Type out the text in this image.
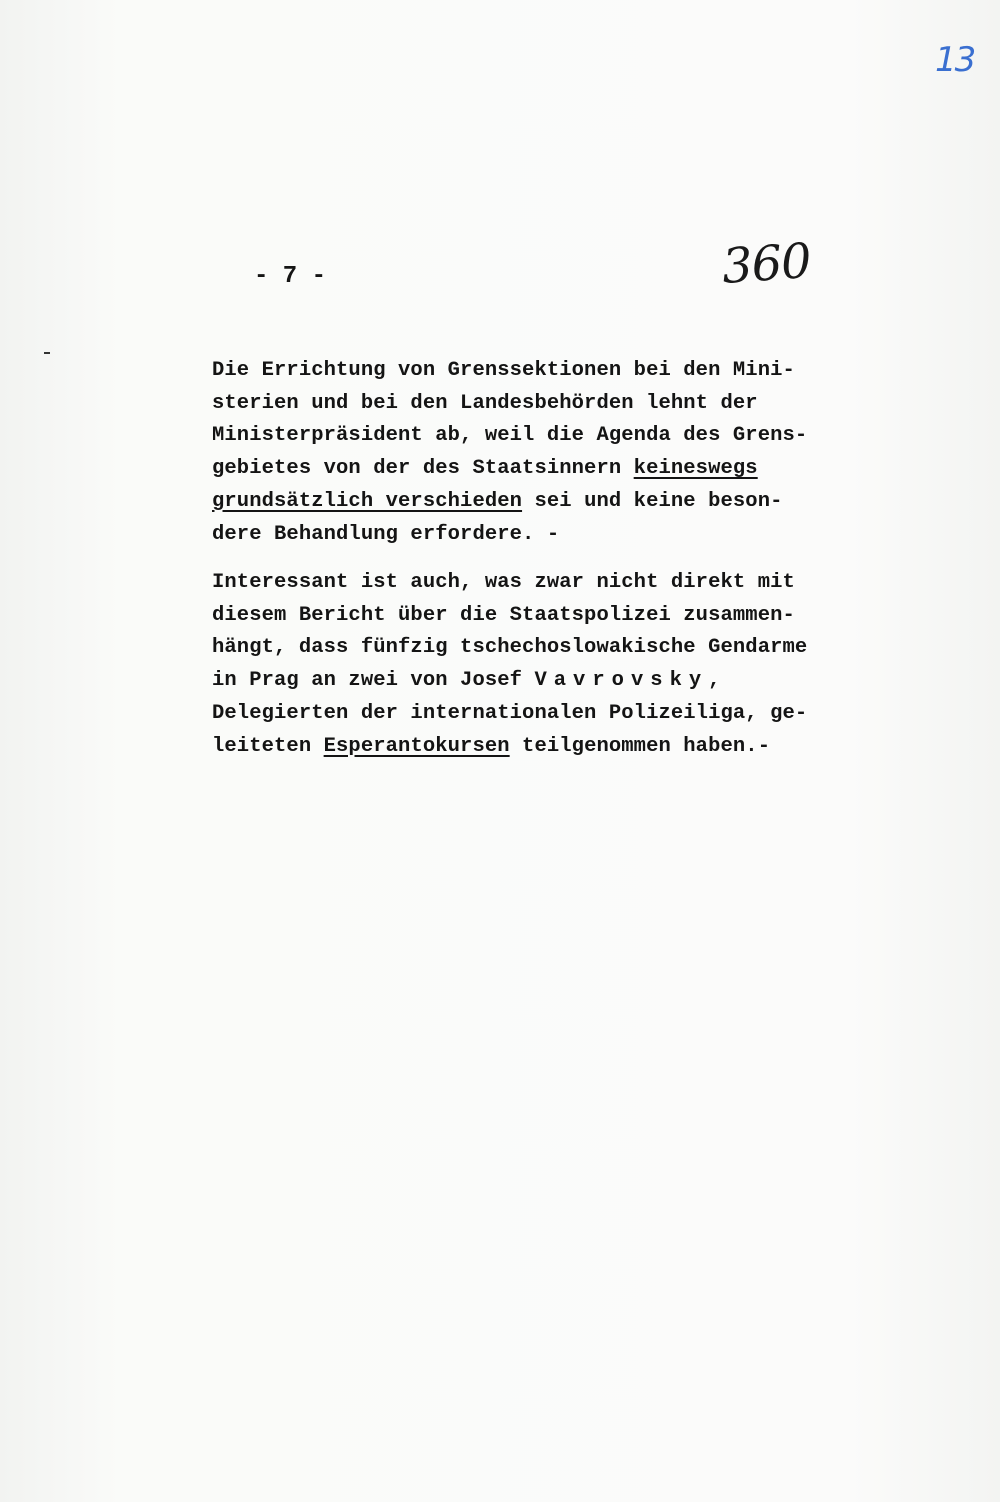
13
360
- 7 -

Die Errichtung von Grenssektionen bei den Mini-
sterien und bei den Landesbehörden lehnt der
Ministerpräsident ab, weil die Agenda des Grens-
gebietes von der des Staatsinnern keineswegs
grundsätzlich verschieden sei und keine beson-
dere Behandlung erfordere. -

Interessant ist auch, was zwar nicht direkt mit
diesem Bericht über die Staatspolizei zusammen-
hängt, dass fünfzig tschechoslowakische Gendarme
in Prag an zwei von Josef Vavrovsky,
Delegierten der internationalen Polizeiliga, ge-
leiteten Esperantokursen teilgenommen haben.-
